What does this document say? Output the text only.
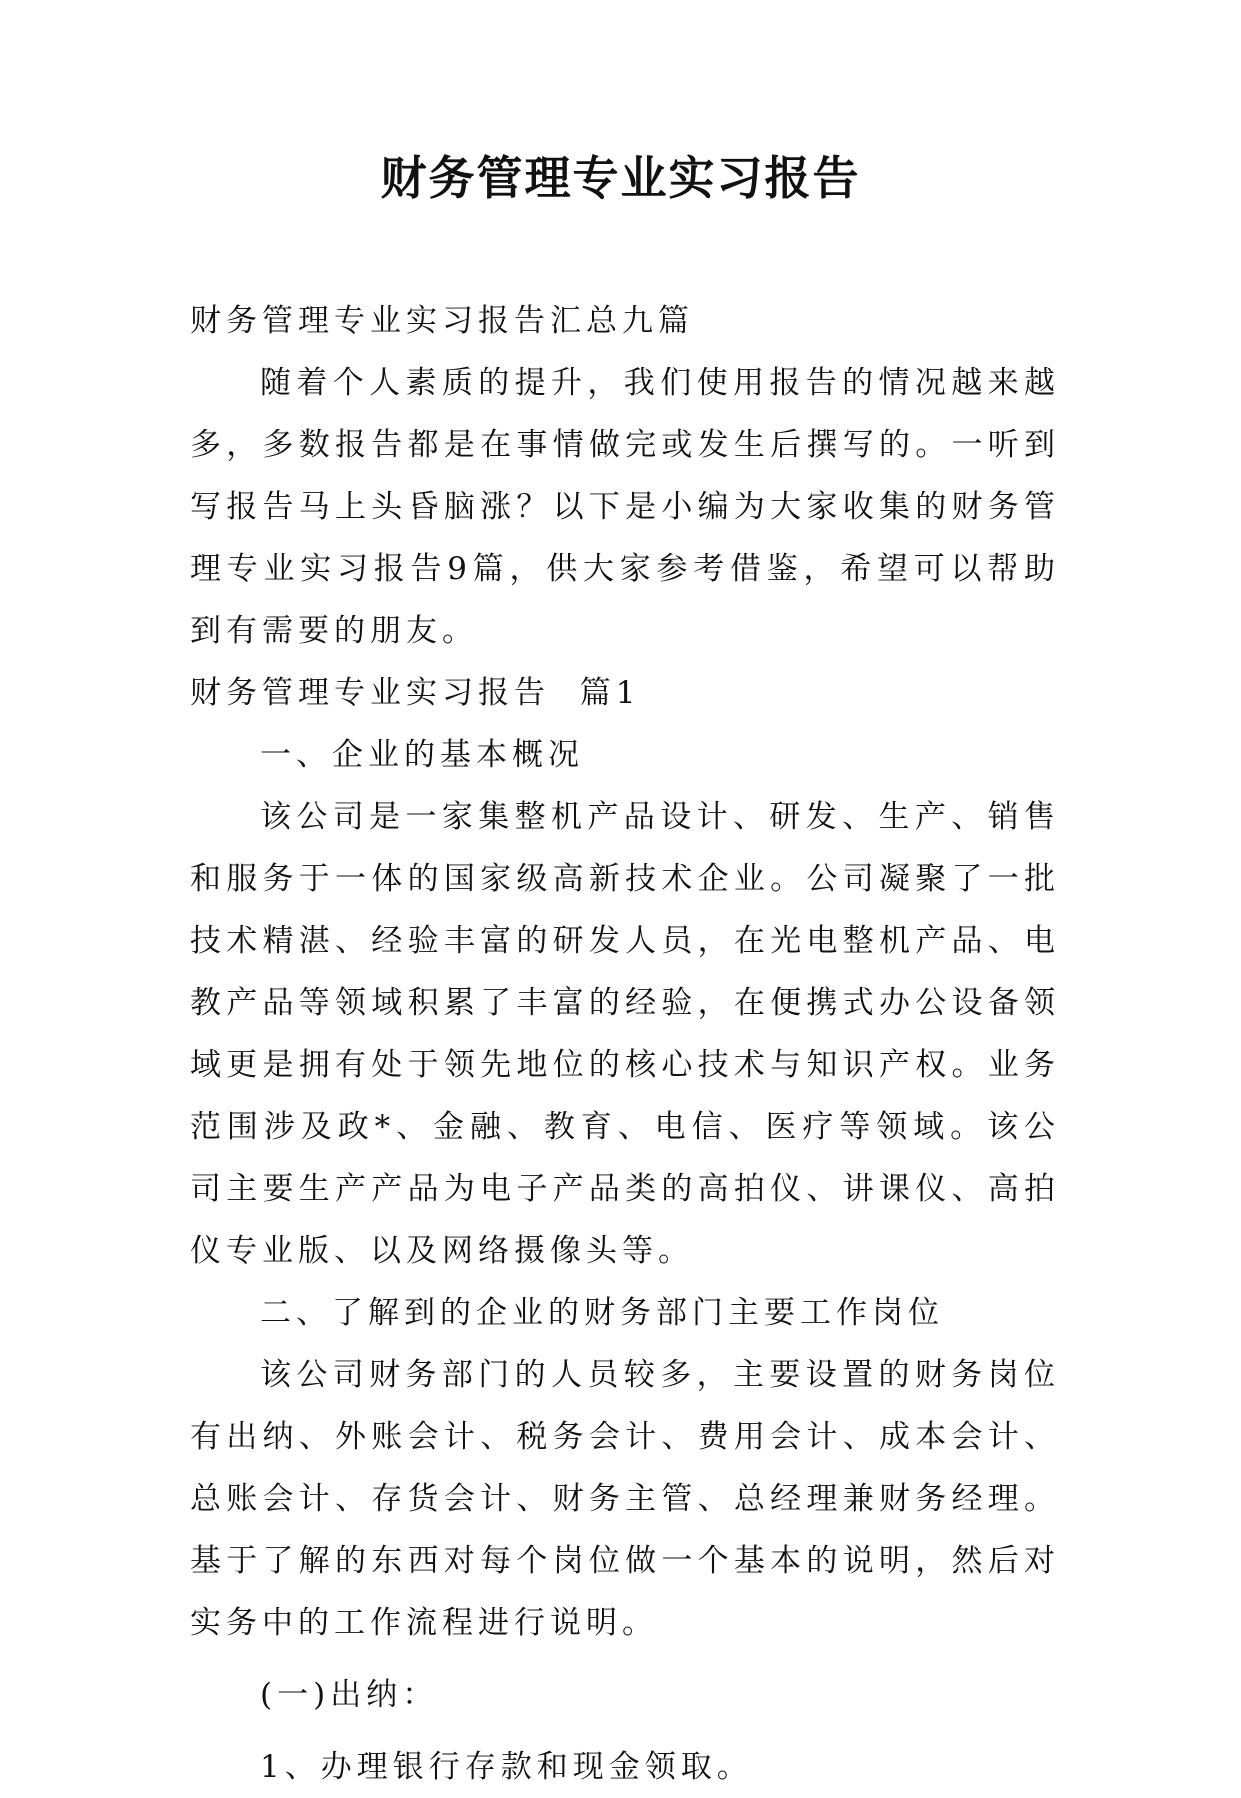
财务管理专业实习报告

财务管理专业实习报告汇总九篇

随着个人素质的提升，我们使用报告的情况越来越多，多数报告都是在事情做完或发生后撰写的。一听到写报告马上头昏脑涨？以下是小编为大家收集的财务管理专业实习报告9篇，供大家参考借鉴，希望可以帮助到有需要的朋友。

财务管理专业实习报告  篇1

一、企业的基本概况

该公司是一家集整机产品设计、研发、生产、销售和服务于一体的国家级高新技术企业。公司凝聚了一批技术精湛、经验丰富的研发人员，在光电整机产品、电教产品等领域积累了丰富的经验，在便携式办公设备领域更是拥有处于领先地位的核心技术与知识产权。业务范围涉及政*、金融、教育、电信、医疗等领域。该公司主要生产产品为电子产品类的高拍仪、讲课仪、高拍仪专业版、以及网络摄像头等。

二、了解到的企业的财务部门主要工作岗位

该公司财务部门的人员较多，主要设置的财务岗位有出纳、外账会计、税务会计、费用会计、成本会计、总账会计、存货会计、财务主管、总经理兼财务经理。基于了解的东西对每个岗位做一个基本的说明，然后对实务中的工作流程进行说明。

(一)出纳：

1、办理银行存款和现金领取。
